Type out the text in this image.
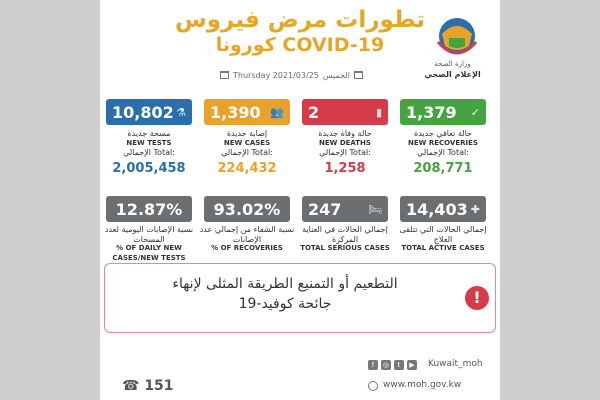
تطورات مرض فيروس
كورونا COVID-19
Thursday 2021/03/25 الخميس
وزارة الصحة
الإعلام الصحي
10,802 ⚗
مسحة جديدة
NEW TESTS
الإجمالي Total:
2,005,458
1,390 👥
إصابة جديدة
NEW CASES
الإجمالي Total:
224,432
2	▮
حالة وفاة جديدة
NEW DEATHS
الإجمالي Total:
1,258
1,379 ✓
حالة تعافي جديدة
NEW RECOVERIES
الإجمالي Total:
208,771
12.87%
نسبة الإصابات اليومية لعدد المسحات
% OF DAILY NEW CASES/NEW TESTS
93.02%
نسبة الشفاء من إجمالي عدد الإصابات
% OF RECOVERIES
247 🛏
إجمالي الحالات في العناية المركزة
TOTAL SERIOUS CASES
14,403 ✚
إجمالي الحالات التي تتلقى العلاج
TOTAL ACTIVE CASES
التطعيم أو التمنيع الطريقة المثلى لإنهاء
جائحة كوفيد-19	!
☎ 151
f	◎	t	▶ Kuwait_moh
www.moh.gov.kw
